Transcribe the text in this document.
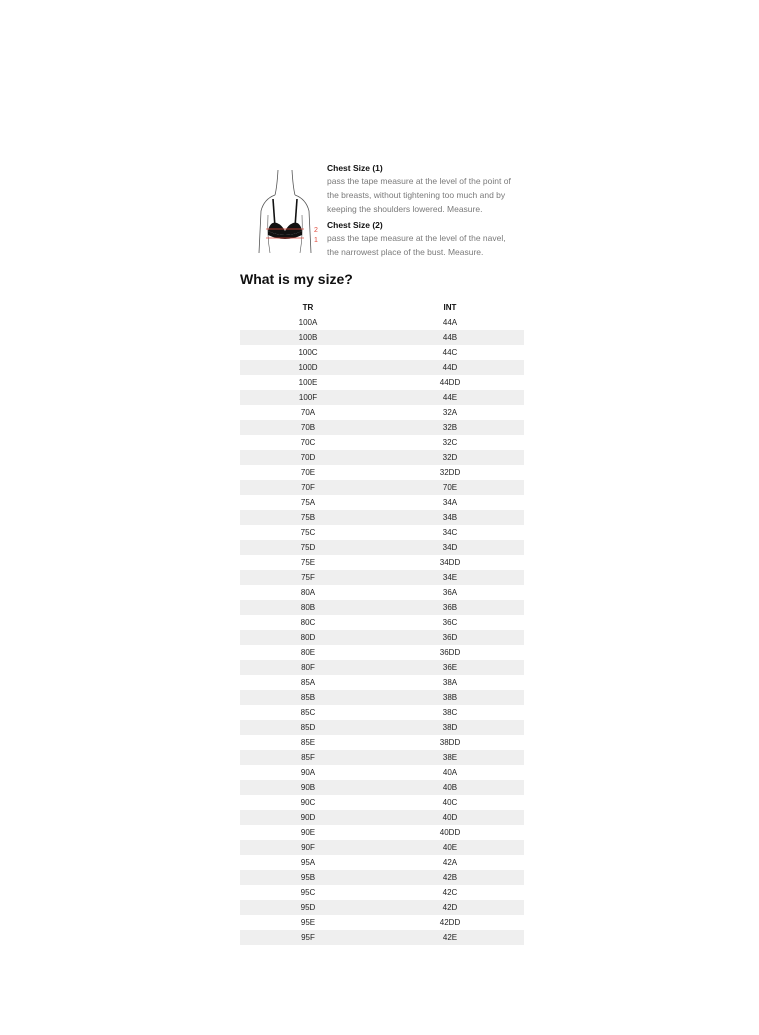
2
1

Chest Size (1)

pass the tape measure at the level of the point of
the breasts, without tightening too much and by
keeping the shoulders lowered. Measure.

Chest Size (2)

pass the tape measure at the level of the navel,
the narrowest place of the bust. Measure.

What is my size?
TR	INT
100A	44A
100B	44B
100C	44C
100D	44D
100E	44DD
100F	44E
70A	32A
70B	32B
70C	32C
70D	32D
70E	32DD
70F	70E
75A	34A
75B	34B
75C	34C
75D	34D
75E	34DD
75F	34E
80A	36A
80B	36B
80C	36C
80D	36D
80E	36DD
80F	36E
85A	38A
85B	38B
85C	38C
85D	38D
85E	38DD
85F	38E
90A	40A
90B	40B
90C	40C
90D	40D
90E	40DD
90F	40E
95A	42A
95B	42B
95C	42C
95D	42D
95E	42DD
95F	42E
